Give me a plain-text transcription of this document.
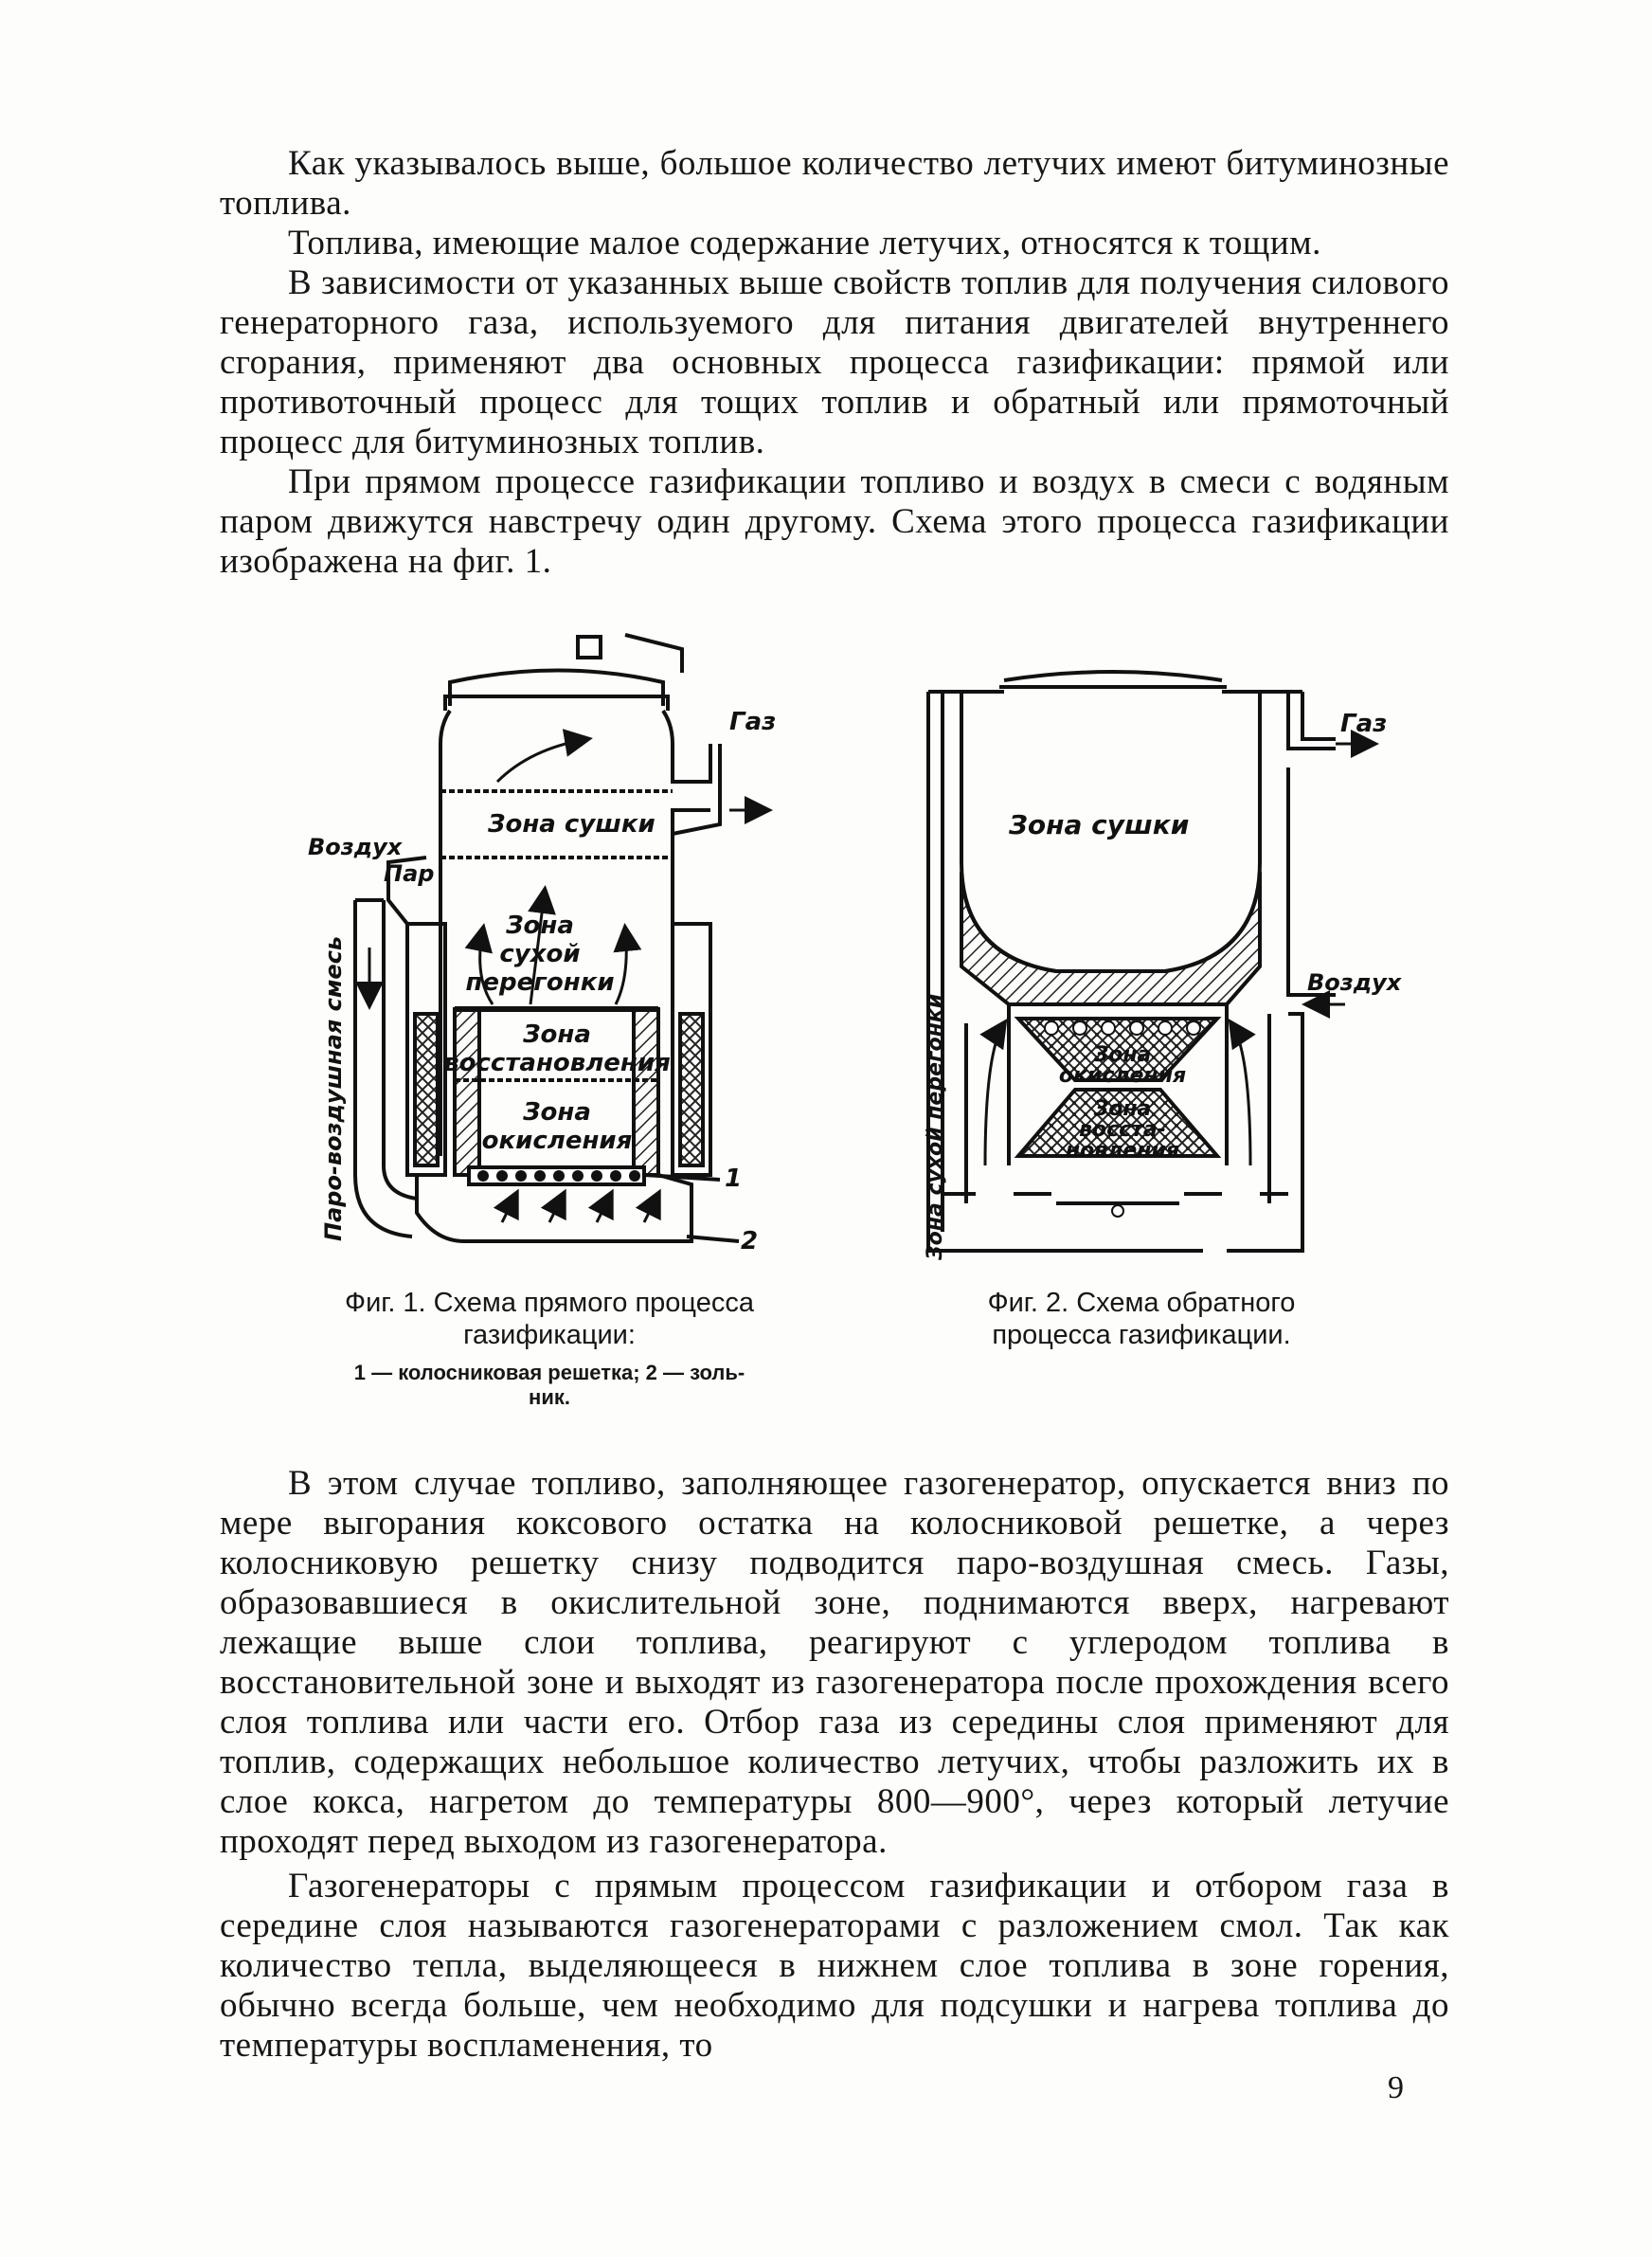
Как указывалось выше, большое количество летучих имеют битуминозные топлива.

Топлива, имеющие малое содержание летучих, относятся к тощим.

В зависимости от указанных выше свойств топлив для получения силового генераторного газа, используемого для питания двигателей внутреннего сгорания, применяют два основных процесса газификации: прямой или противоточный процесс для тощих топлив и обратный или прямоточный процесс для битуминозных топлив.

При прямом процессе газификации топливо и воздух в смеси с водяным паром движутся навстречу один другому. Схема этого процесса газификации изображена на фиг. 1.

Газ
Воздух
Пар
Паро-воздушная смесь
Зона сушки
Зона
сухой
перегонки
Зона
восстановления
Зона
окисления
1
2
Фиг. 1. Схема прямого процесса
газификации:
1 — колосниковая решетка; 2 — золь-
ник.
Зона сушки
Газ
Воздух
Зона сухой перегонки	Зона
окисления
Зона
восста-
новления
Фиг. 2. Схема обратного
процесса газификации.

В этом случае топливо, заполняющее газогенератор, опускается вниз по мере выгорания коксового остатка на колосниковой решетке, а через колосниковую решетку снизу подводится паро-воздушная смесь. Газы, образовавшиеся в окислительной зоне, поднимаются вверх, нагревают лежащие выше слои топлива, реагируют с углеродом топлива в восстановительной зоне и выходят из газогенератора после прохождения всего слоя топлива или части его. Отбор газа из середины слоя применяют для топлив, содержащих небольшое количество летучих, чтобы разложить их в слое кокса, нагретом до температуры 800—900°, через который летучие проходят перед выходом из газогенератора.

Газогенераторы с прямым процессом газификации и отбором газа в середине слоя называются газогенераторами с разложением смол. Так как количество тепла, выделяющееся в нижнем слое топлива в зоне горения, обычно всегда больше, чем необходимо для подсушки и нагрева топлива до температуры воспламенения, то

9
